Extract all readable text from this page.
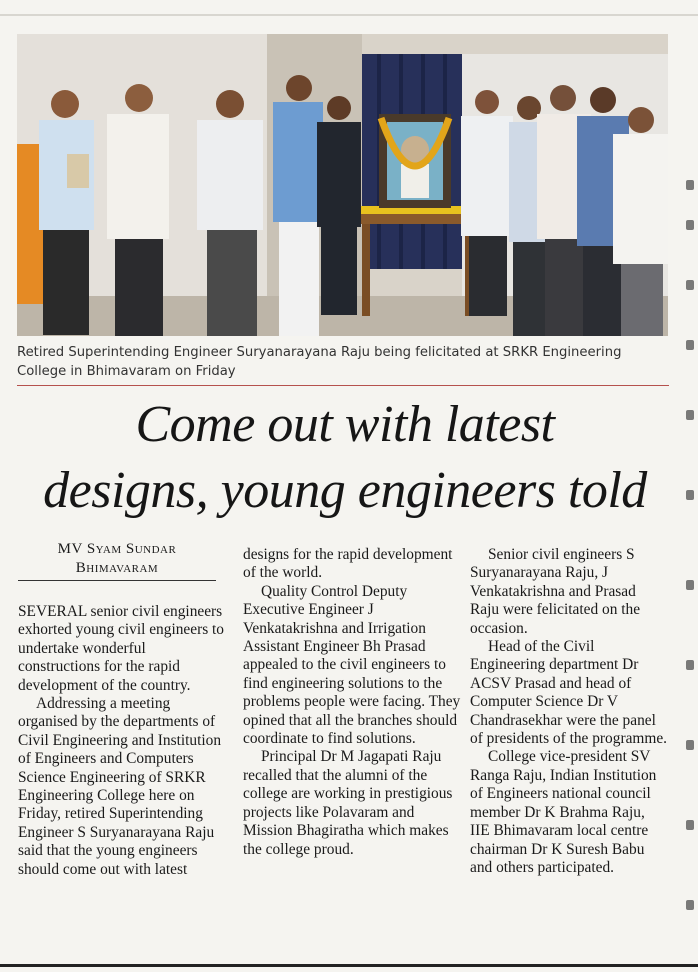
Retired Superintending Engineer Suryanarayana Raju being felicitated at SRKR Engineering College in Bhimavaram on Friday
Come out with latest
designs, young engineers told
MV Syam Sundar
Bhimavaram

SEVERAL senior civil engineers exhorted young civil engineers to undertake wonderful constructions for the rapid development of the country.

Addressing a meeting organised by the departments of Civil Engineering and Institution of Engineers and Computers Science Engineering of SRKR Engineering College here on Friday, retired Superintending Engineer S Suryanarayana Raju said that the young engineers should come out with latest

designs for the rapid development of the world.

Quality Control Deputy Executive Engineer J Venkatakrishna and Irrigation Assistant Engineer Bh Prasad appealed to the civil engineers to find engineering solutions to the problems people were facing. They opined that all the branches should coordinate to find solutions.

Principal Dr M Jagapati Raju recalled that the alumni of the college are working in prestigious projects like Polavaram and Mission Bhagiratha which makes the college proud.

Senior civil engineers S Suryanarayana Raju, J Venkatakrishna and Prasad Raju were felicitated on the occasion.

Head of the Civil Engineering department Dr ACSV Prasad and head of Computer Science Dr V Chandrasekhar were the panel of presidents of the programme.

College vice-president SV Ranga Raju, Indian Institution of Engineers national council member Dr K Brahma Raju, IIE Bhimavaram local centre chairman Dr K Suresh Babu and others participated.
